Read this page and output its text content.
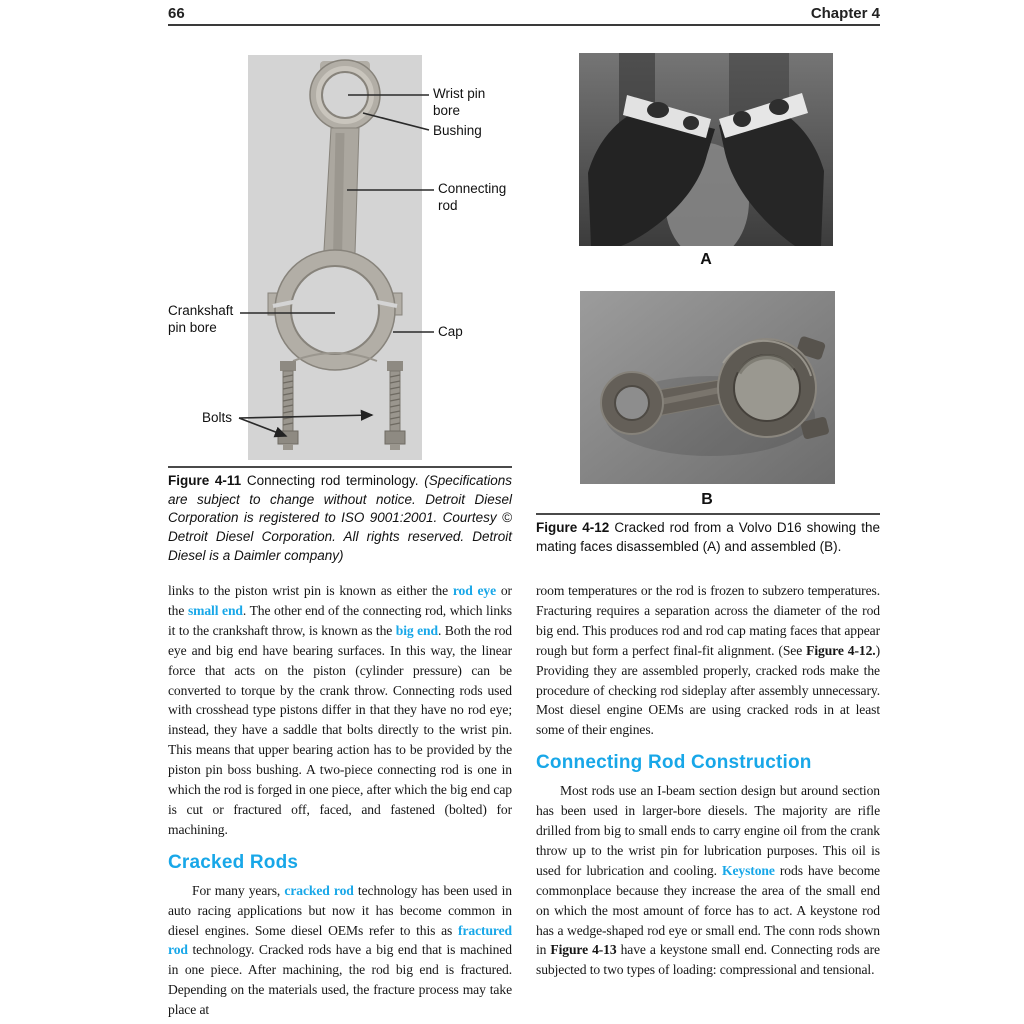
66	Chapter 4
Wrist pin bore
Bushing
Connecting rod
Crankshaft pin bore	Cap
Bolts

Figure 4-11 Connecting rod terminology. (Specifications are subject to change without notice. Detroit Diesel Corporation is registered to ISO 9001:2001. Courtesy © Detroit Diesel Corporation. All rights reserved. Detroit Diesel is a Daimler company)

A
B

Figure 4-12 Cracked rod from a Volvo D16 showing the mating faces disassembled (A) and assembled (B).

links to the piston wrist pin is known as either the rod eye or the small end. The other end of the connecting rod, which links it to the crankshaft throw, is known as the big end. Both the rod eye and big end have bearing surfaces. In this way, the linear force that acts on the piston (cylinder pressure) can be converted to torque by the crank throw. Connecting rods used with crosshead type pistons differ in that they have no rod eye; instead, they have a saddle that bolts directly to the wrist pin. This means that upper bearing action has to be provided by the piston pin boss bushing. A two-piece connecting rod is one in which the rod is forged in one piece, after which the big end cap is cut or fractured off, faced, and fastened (bolted) for machining.

Cracked Rods

For many years, cracked rod technology has been used in auto racing applications but now it has become common in diesel engines. Some diesel OEMs refer to this as fractured rod technology. Cracked rods have a big end that is machined in one piece. After machining, the rod big end is fractured. Depending on the materials used, the fracture process may take place at

room temperatures or the rod is frozen to subzero temperatures. Fracturing requires a separation across the diameter of the rod big end. This produces rod and rod cap mating faces that appear rough but form a perfect final-fit alignment. (See Figure 4-12.) Providing they are assembled properly, cracked rods make the procedure of checking rod sideplay after assembly unnecessary. Most diesel engine OEMs are using cracked rods in at least some of their engines.

Connecting Rod Construction

Most rods use an I-beam section design but around section has been used in larger-bore diesels. The majority are rifle drilled from big to small ends to carry engine oil from the crank throw up to the wrist pin for lubrication purposes. This oil is used for lubrication and cooling. Keystone rods have become commonplace because they increase the area of the small end on which the most amount of force has to act. A keystone rod has a wedge-shaped rod eye or small end. The conn rods shown in Figure 4-13 have a keystone small end. Connecting rods are subjected to two types of loading: compressional and tensional.
